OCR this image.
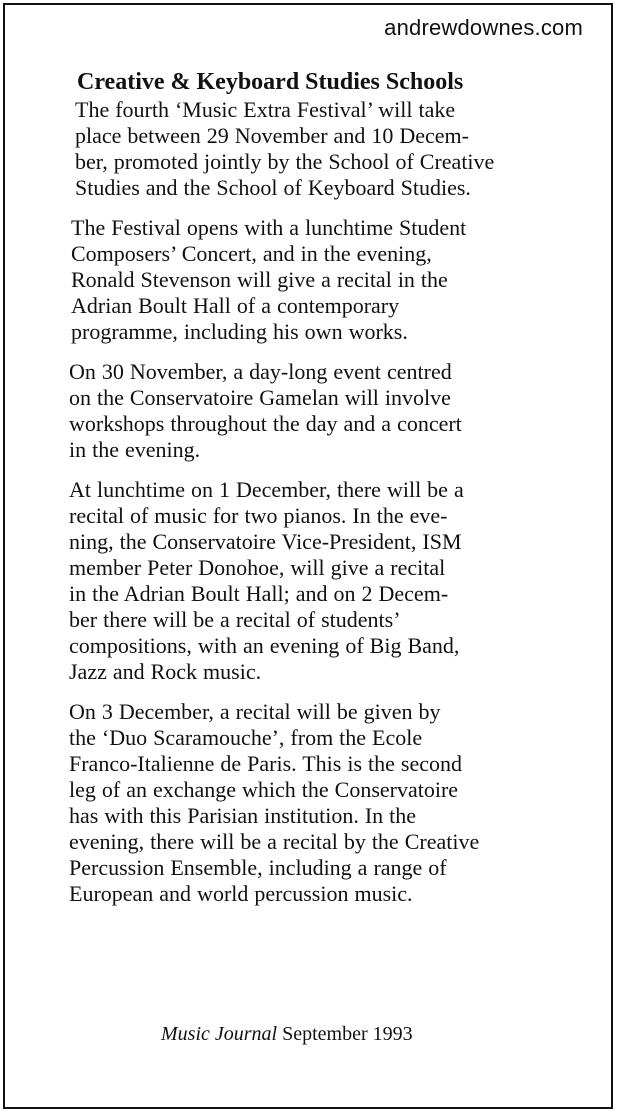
andrewdownes.com
Creative & Keyboard Studies Schools
The fourth ‘Music Extra Festival’ will take
place between 29 November and 10 Decem-
ber, promoted jointly by the School of Creative
Studies and the School of Keyboard Studies.
The Festival opens with a lunchtime Student
Composers’ Concert, and in the evening,
Ronald Stevenson will give a recital in the
Adrian Boult Hall of a contemporary
programme, including his own works.
On 30 November, a day-long event centred
on the Conservatoire Gamelan will involve
workshops throughout the day and a concert
in the evening.
At lunchtime on 1 December, there will be a
recital of music for two pianos. In the eve-
ning, the Conservatoire Vice-President, ISM
member Peter Donohoe, will give a recital
in the Adrian Boult Hall; and on 2 Decem-
ber there will be a recital of students’
compositions, with an evening of Big Band,
Jazz and Rock music.
On 3 December, a recital will be given by
the ‘Duo Scaramouche’, from the Ecole
Franco-Italienne de Paris. This is the second
leg of an exchange which the Conservatoire
has with this Parisian institution. In the
evening, there will be a recital by the Creative
Percussion Ensemble, including a range of
European and world percussion music.
Music Journal September 1993
